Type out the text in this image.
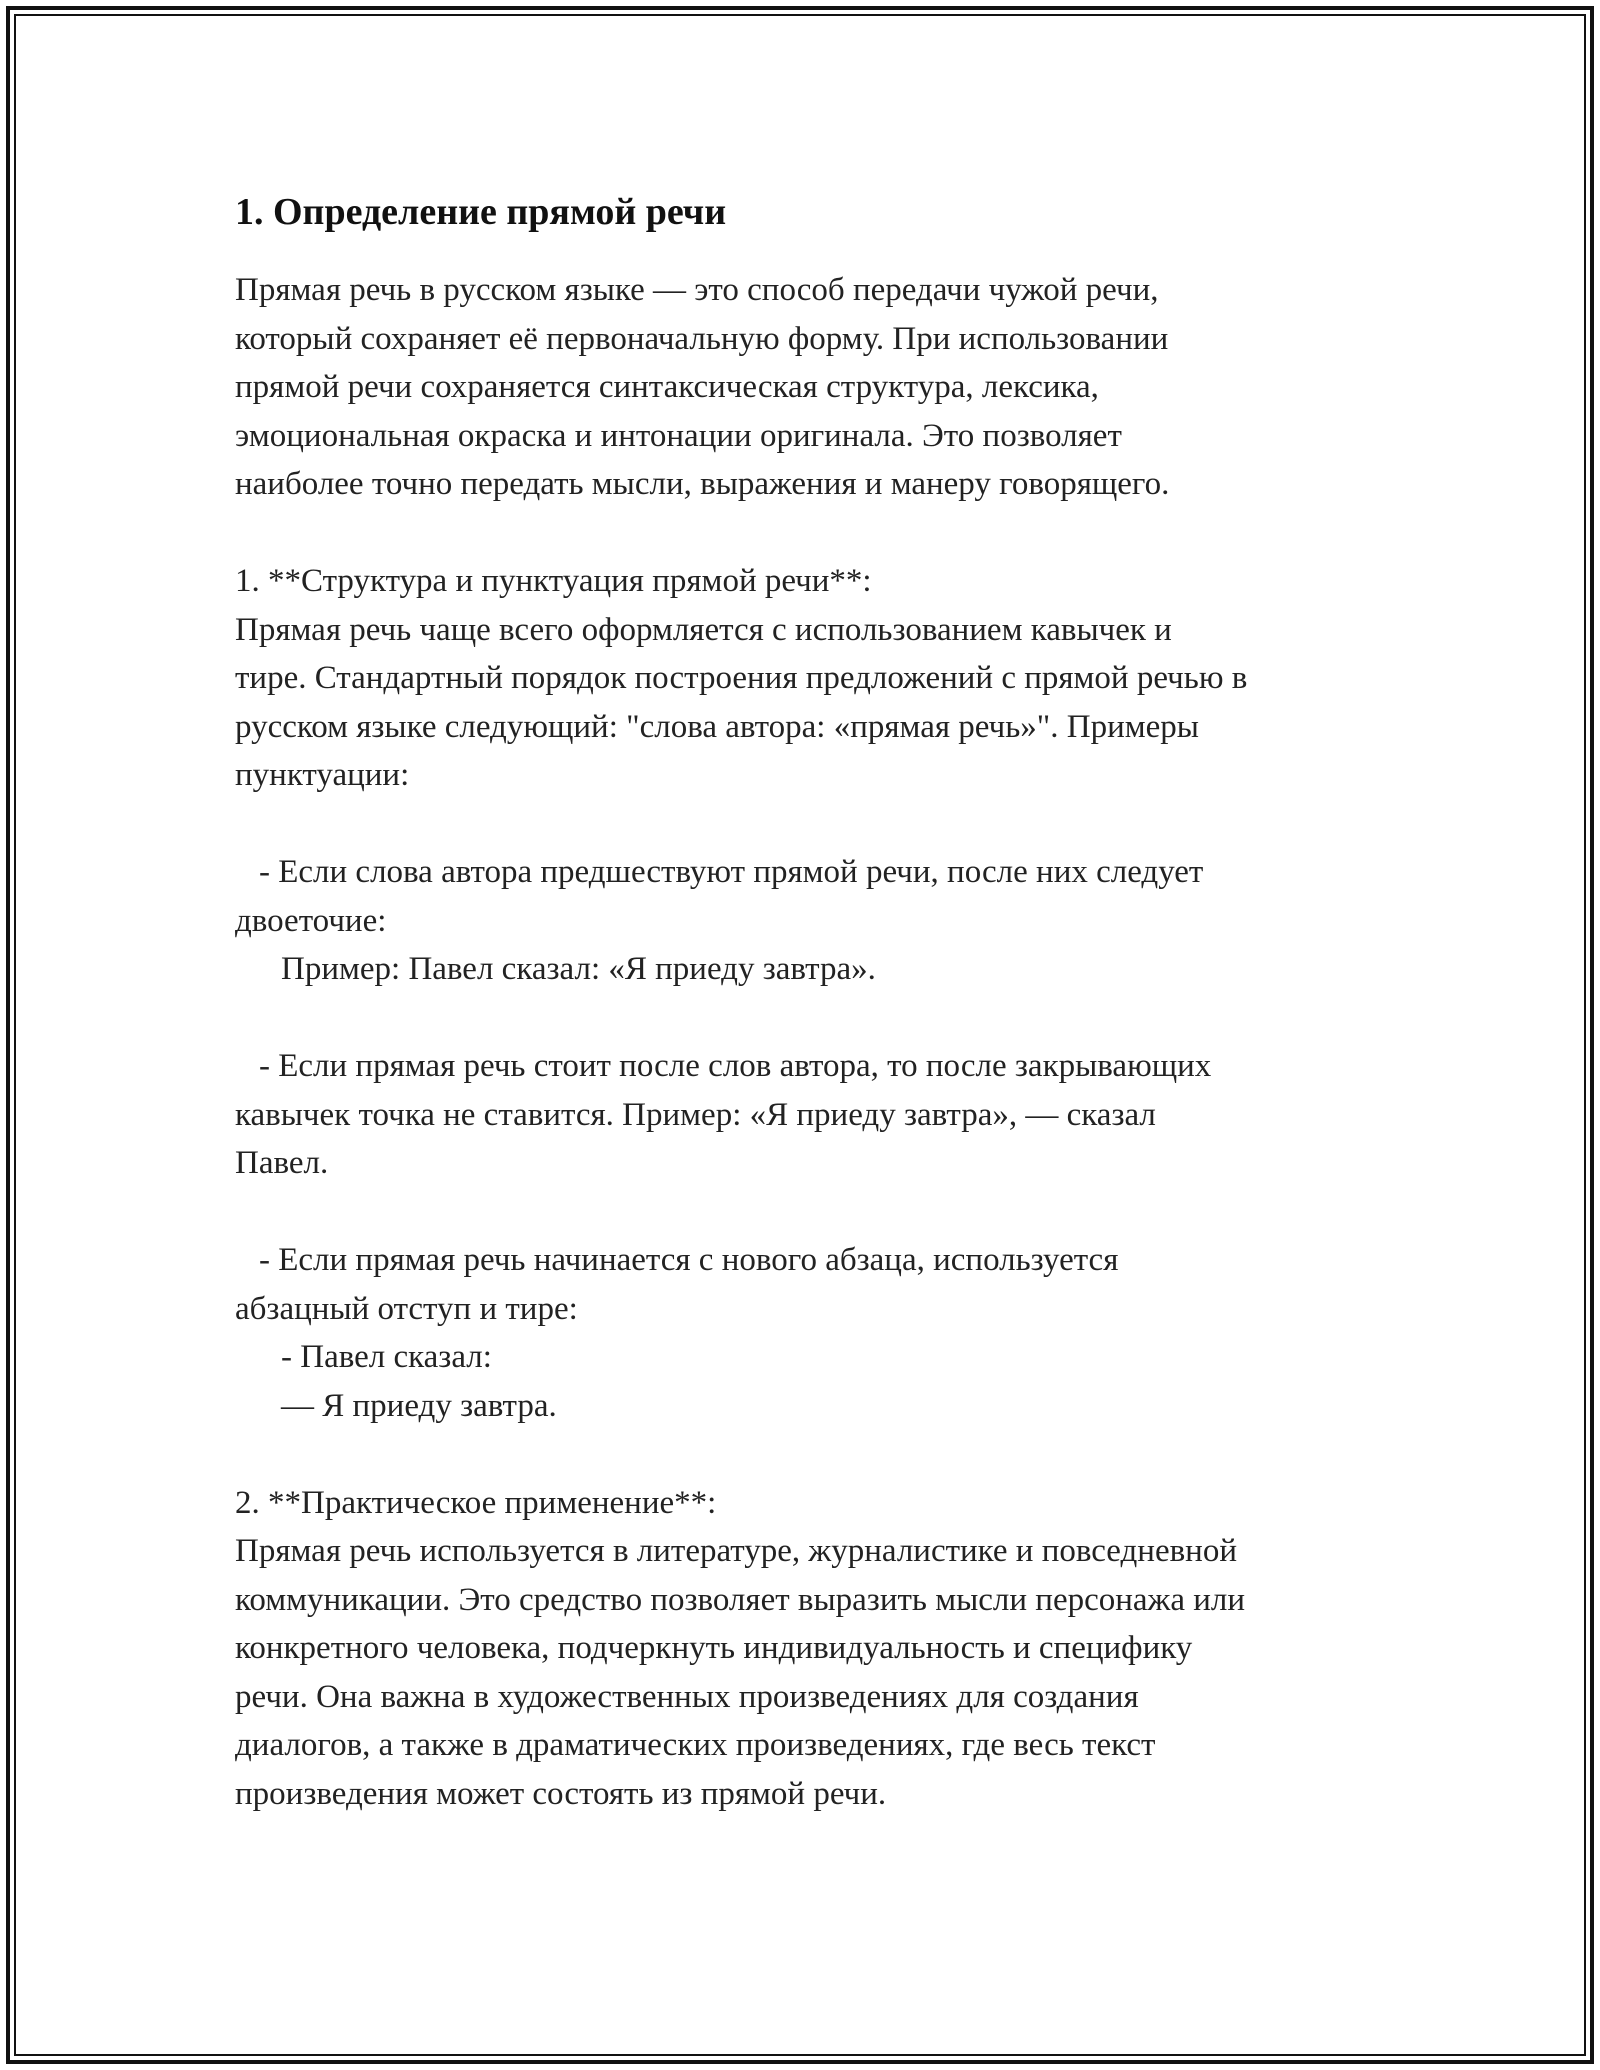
1. Определение прямой речи
Прямая речь в русском языке — это способ передачи чужой речи,
который сохраняет её первоначальную форму. При использовании
прямой речи сохраняется синтаксическая структура, лексика,
эмоциональная окраска и интонации оригинала. Это позволяет
наиболее точно передать мысли, выражения и манеру говорящего.
1. **Структура и пунктуация прямой речи**:
Прямая речь чаще всего оформляется с использованием кавычек и
тире. Стандартный порядок построения предложений с прямой речью в
русском языке следующий: "слова автора: «прямая речь»". Примеры
пунктуации:
- Если слова автора предшествуют прямой речи, после них следует
двоеточие:
Пример: Павел сказал: «Я приеду завтра».
- Если прямая речь стоит после слов автора, то после закрывающих
кавычек точка не ставится. Пример: «Я приеду завтра», — сказал
Павел.
- Если прямая речь начинается с нового абзаца, используется
абзацный отступ и тире:
- Павел сказал:
— Я приеду завтра.
2. **Практическое применение**:
Прямая речь используется в литературе, журналистике и повседневной
коммуникации. Это средство позволяет выразить мысли персонажа или
конкретного человека, подчеркнуть индивидуальность и специфику
речи. Она важна в художественных произведениях для создания
диалогов, а также в драматических произведениях, где весь текст
произведения может состоять из прямой речи.
